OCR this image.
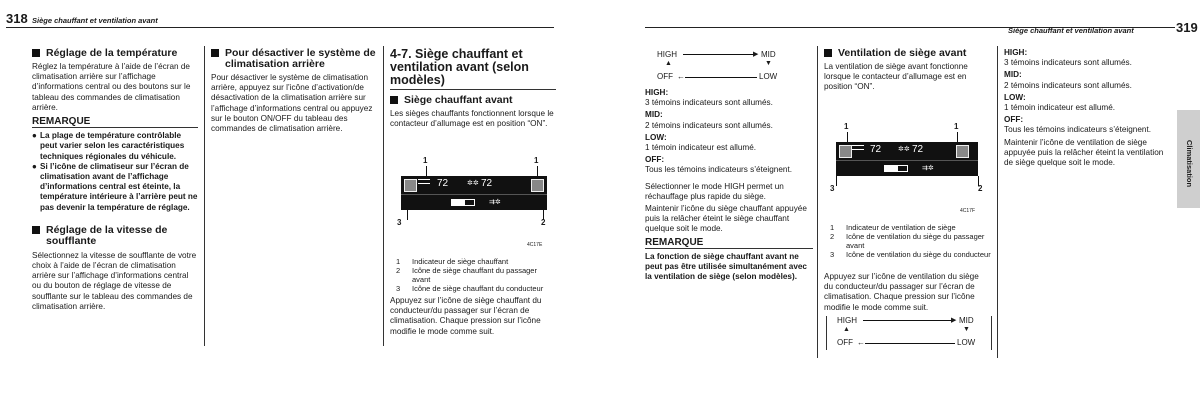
318 Siège chauffant et ventilation avant
Réglage de la température

Réglez la température à l’aide de l’écran de climatisation arrière sur l’affichage d’informations central ou des boutons sur le tableau des commandes de climatisation arrière.

REMARQUE
● La plage de température contrôlable peut varier selon les caractéristiques techniques régionales du véhicule.
● Si l’icône de climatiseur sur l’écran de climatisation avant de l’affichage d’informations central est éteinte, la température intérieure à l’arrière peut ne pas devenir la température de réglage.
Réglage de la vitesse de soufflante

Sélectionnez la vitesse de soufflante de votre choix à l’aide de l’écran de climatisation arrière sur l’affichage d’informations central ou du bouton de réglage de vitesse de soufflante sur le tableau des commandes de climatisation arrière.

Pour désactiver le système de climatisation arrière

Pour désactiver le système de climatisation arrière, appuyez sur l’icône d’activation/de désactivation de la climatisation arrière sur l’affichage d’informations central ou appuyez sur le bouton ON/OFF du tableau des commandes de climatisation arrière.

4-7. Siège chauffant et ventilation avant (selon modèles)
Siège chauffant avant

Les sièges chauffants fonctionnent lorsque le contacteur d’allumage est en position “ON”.

1	1
72	✲✲ 72
⇉✲
3	2
4C17E
1	Indicateur de siège chauffant
2	Icône de siège chauffant du passager avant
3	Icône de siège chauffant du conducteur

Appuyez sur l’icône de siège chauffant du conducteur/du passager sur l’écran de climatisation. Chaque pression sur l’icône modifie le mode comme suit.

Siège chauffant et ventilation avant	319
Climatisation
HIGH	▶ MID
▲	▼
OFF ←	LOW

HIGH:

3 témoins indicateurs sont allumés.

MID:

2 témoins indicateurs sont allumés.

LOW:

1 témoin indicateur est allumé.

OFF:

Tous les témoins indicateurs s’éteignent.

Sélectionner le mode HIGH permet un réchauffage plus rapide du siège.

Maintenir l’icône du siège chauffant appuyée puis la relâcher éteint le siège chauffant quelque soit le mode.

REMARQUE

La fonction de siège chauffant avant ne peut pas être utilisée simultanément avec la ventilation de siège (selon modèles).

Ventilation de siège avant

La ventilation de siège avant fonctionne lorsque le contacteur d’allumage est en position “ON”.

1	1
72 ✲✲ 72
⇉✲
3	2
4C17F
1	Indicateur de ventilation de siège
2	Icône de ventilation du siège du passager avant
3	Icône de ventilation du siège du conducteur

Appuyez sur l’icône de ventilation du siège du conducteur/du passager sur l’écran de climatisation. Chaque pression sur l’icône modifie le mode comme suit.

HIGH	▶ MID
▲	▼
OFF ←	LOW

HIGH:

3 témoins indicateurs sont allumés.

MID:

2 témoins indicateurs sont allumés.

LOW:

1 témoin indicateur est allumé.

OFF:

Tous les témoins indicateurs s’éteignent.

Maintenir l’icône de ventilation de siège appuyée puis la relâcher éteint la ventilation de siège quelque soit le mode.
